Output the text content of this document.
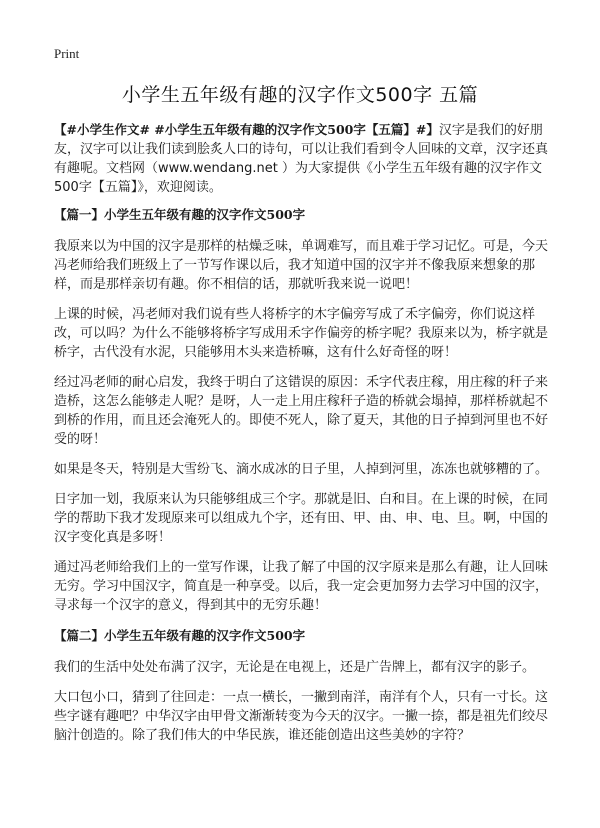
Print
小学生五年级有趣的汉字作文500字 五篇

【#小学生作文# #小学生五年级有趣的汉字作文500字【五篇】#】汉字是我们的好朋友，汉字可以让我们读到脍炙人口的诗句，可以让我们看到令人回味的文章，汉字还真有趣呢。文档网（www.wendang.net ）为大家提供《小学生五年级有趣的汉字作文500字【五篇】》，欢迎阅读。

【篇一】小学生五年级有趣的汉字作文500字

我原来以为中国的汉字是那样的枯燥乏味，单调难写，而且难于学习记忆。可是，今天冯老师给我们班级上了一节写作课以后，我才知道中国的汉字并不像我原来想象的那样，而是那样亲切有趣。你不相信的话，那就听我来说一说吧！

上课的时候，冯老师对我们说有些人将桥字的木字偏旁写成了禾字偏旁，你们说这样改，可以吗？为什么不能够将桥字写成用禾字作偏旁的桥字呢？我原来以为，桥字就是桥字，古代没有水泥，只能够用木头来造桥嘛，这有什么好奇怪的呀！

经过冯老师的耐心启发，我终于明白了这错误的原因：禾字代表庄稼，用庄稼的秆子来造桥，这怎么能够走人呢？是呀，人一走上用庄稼秆子造的桥就会塌掉，那样桥就起不到桥的作用，而且还会淹死人的。即使不死人，除了夏天，其他的日子掉到河里也不好受的呀！

如果是冬天，特别是大雪纷飞、滴水成冰的日子里，人掉到河里，冻冻也就够糟的了。

日字加一划，我原来认为只能够组成三个字。那就是旧、白和目。在上课的时候，在同学的帮助下我才发现原来可以组成九个字，还有田、甲、由、申、电、旦。啊，中国的汉字变化真是多呀！

通过冯老师给我们上的一堂写作课，让我了解了中国的汉字原来是那么有趣，让人回味无穷。学习中国汉字，简直是一种享受。以后，我一定会更加努力去学习中国的汉字，寻求每一个汉字的意义，得到其中的无穷乐趣！

【篇二】小学生五年级有趣的汉字作文500字

我们的生活中处处布满了汉字，无论是在电视上，还是广告牌上，都有汉字的影子。

大口包小口，猜到了往回走：一点一横长，一撇到南洋，南洋有个人，只有一寸长。这些字谜有趣吧？中华汉字由甲骨文渐渐转变为今天的汉字。一撇一捺，都是祖先们绞尽脑汁创造的。除了我们伟大的中华民族，谁还能创造出这些美妙的字符？
